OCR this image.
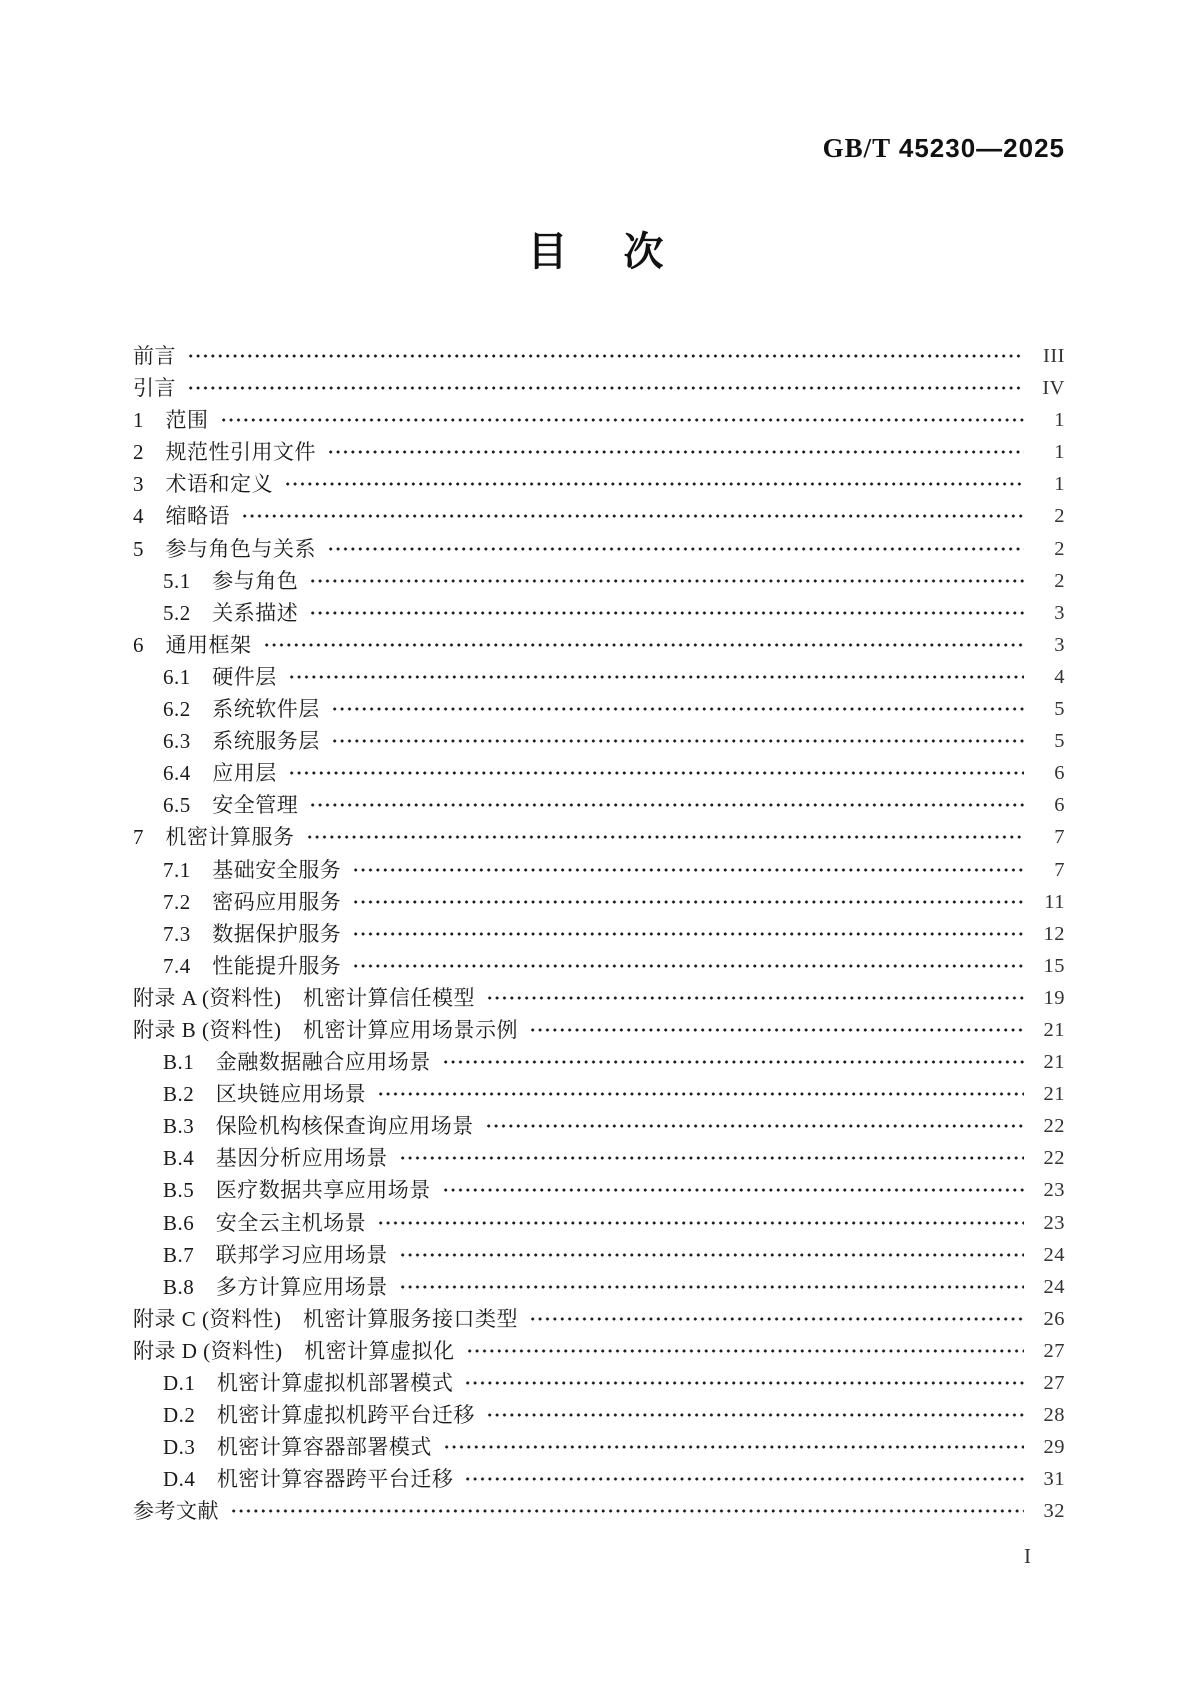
GB/T 45230—2025
目 次
前言	III
引言	IV
1　范围	1
2　规范性引用文件	1
3　术语和定义	1
4　缩略语	2
5　参与角色与关系	2
5.1　参与角色	2
5.2　关系描述	3
6　通用框架	3
6.1　硬件层	4
6.2　系统软件层	5
6.3　系统服务层	5
6.4　应用层	6
6.5　安全管理	6
7　机密计算服务	7
7.1　基础安全服务	7
7.2　密码应用服务	11
7.3　数据保护服务	12
7.4　性能提升服务	15
附录 A (资料性)　机密计算信任模型	19
附录 B (资料性)　机密计算应用场景示例	21
B.1　金融数据融合应用场景	21
B.2　区块链应用场景	21
B.3　保险机构核保查询应用场景	22
B.4　基因分析应用场景	22
B.5　医疗数据共享应用场景	23
B.6　安全云主机场景	23
B.7　联邦学习应用场景	24
B.8　多方计算应用场景	24
附录 C (资料性)　机密计算服务接口类型	26
附录 D (资料性)　机密计算虚拟化	27
D.1　机密计算虚拟机部署模式	27
D.2　机密计算虚拟机跨平台迁移	28
D.3　机密计算容器部署模式	29
D.4　机密计算容器跨平台迁移	31
参考文献	32
I
